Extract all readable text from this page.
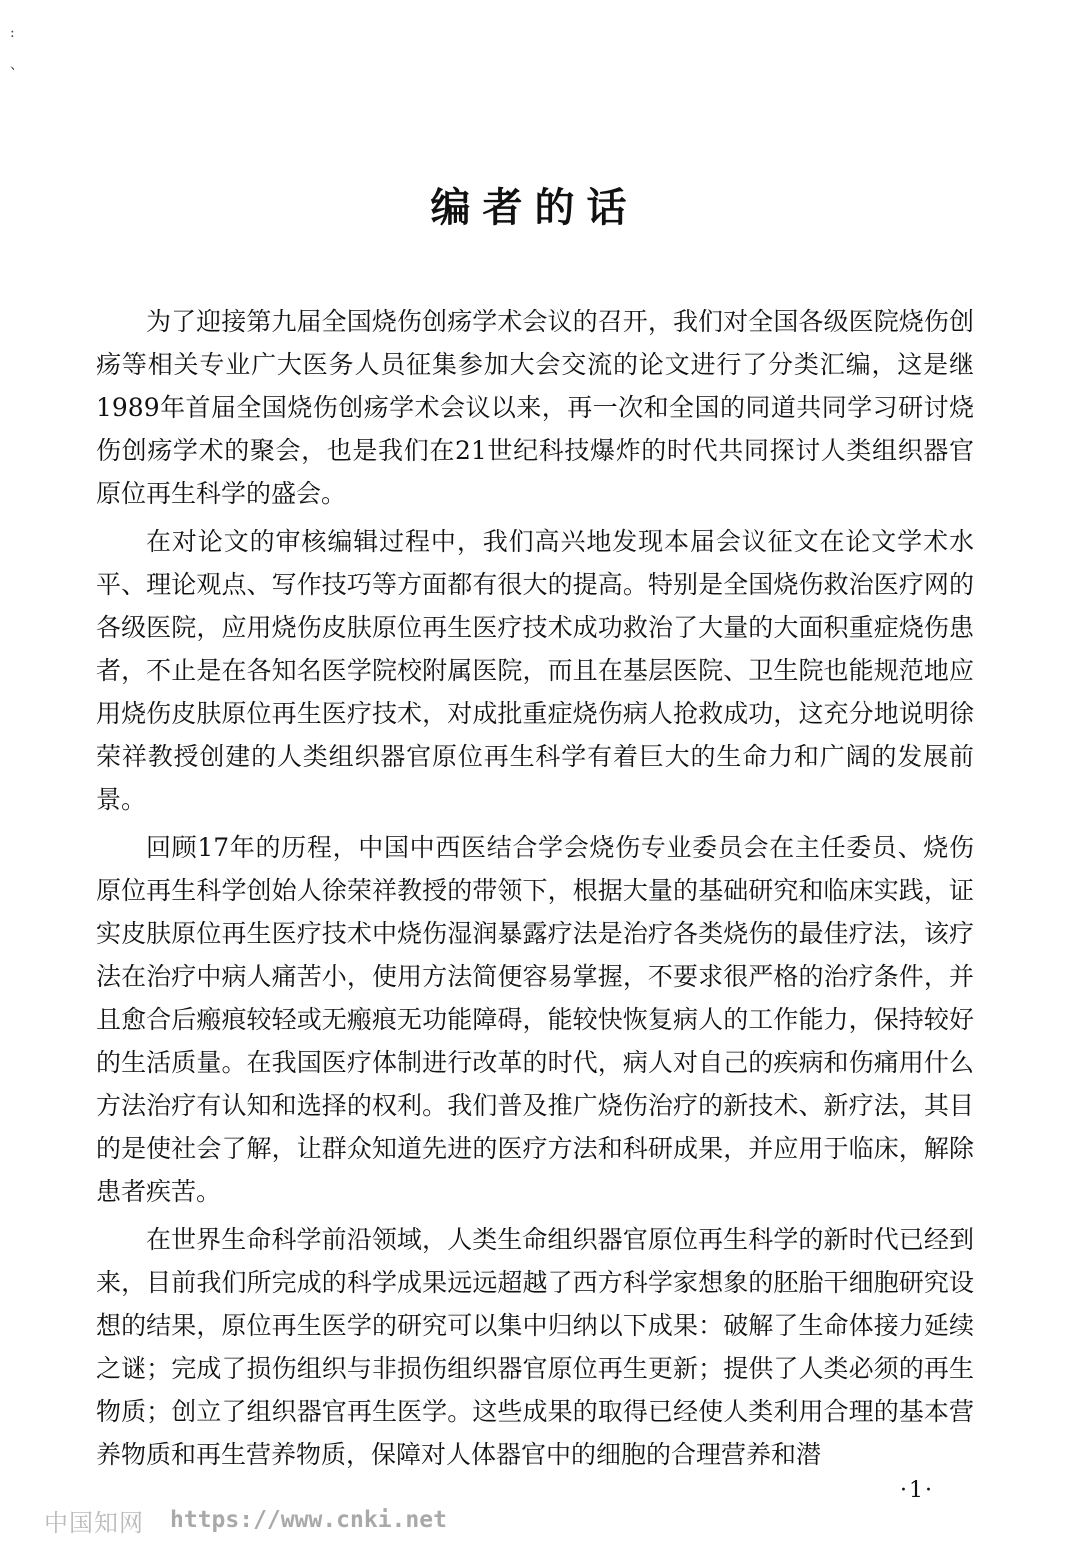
:
、
编者的话

为了迎接第九届全国烧伤创疡学术会议的召开，我们对全国各级医院烧伤创疡等相关专业广大医务人员征集参加大会交流的论文进行了分类汇编，这是继1989年首届全国烧伤创疡学术会议以来，再一次和全国的同道共同学习研讨烧伤创疡学术的聚会，也是我们在21世纪科技爆炸的时代共同探讨人类组织器官原位再生科学的盛会。

在对论文的审核编辑过程中，我们高兴地发现本届会议征文在论文学术水平、理论观点、写作技巧等方面都有很大的提高。特别是全国烧伤救治医疗网的各级医院，应用烧伤皮肤原位再生医疗技术成功救治了大量的大面积重症烧伤患者，不止是在各知名医学院校附属医院，而且在基层医院、卫生院也能规范地应用烧伤皮肤原位再生医疗技术，对成批重症烧伤病人抢救成功，这充分地说明徐荣祥教授创建的人类组织器官原位再生科学有着巨大的生命力和广阔的发展前景。

回顾17年的历程，中国中西医结合学会烧伤专业委员会在主任委员、烧伤原位再生科学创始人徐荣祥教授的带领下，根据大量的基础研究和临床实践，证实皮肤原位再生医疗技术中烧伤湿润暴露疗法是治疗各类烧伤的最佳疗法，该疗法在治疗中病人痛苦小，使用方法简便容易掌握，不要求很严格的治疗条件，并且愈合后瘢痕较轻或无瘢痕无功能障碍，能较快恢复病人的工作能力，保持较好的生活质量。在我国医疗体制进行改革的时代，病人对自己的疾病和伤痛用什么方法治疗有认知和选择的权利。我们普及推广烧伤治疗的新技术、新疗法，其目的是使社会了解，让群众知道先进的医疗方法和科研成果，并应用于临床，解除患者疾苦。

在世界生命科学前沿领域，人类生命组织器官原位再生科学的新时代已经到来，目前我们所完成的科学成果远远超越了西方科学家想象的胚胎干细胞研究设想的结果，原位再生医学的研究可以集中归纳以下成果：破解了生命体接力延续之谜；完成了损伤组织与非损伤组织器官原位再生更新；提供了人类必须的再生物质；创立了组织器官再生医学。这些成果的取得已经使人类利用合理的基本营养物质和再生营养物质，保障对人体器官中的细胞的合理营养和潜

·1·
中国知网 https://www.cnki.net
